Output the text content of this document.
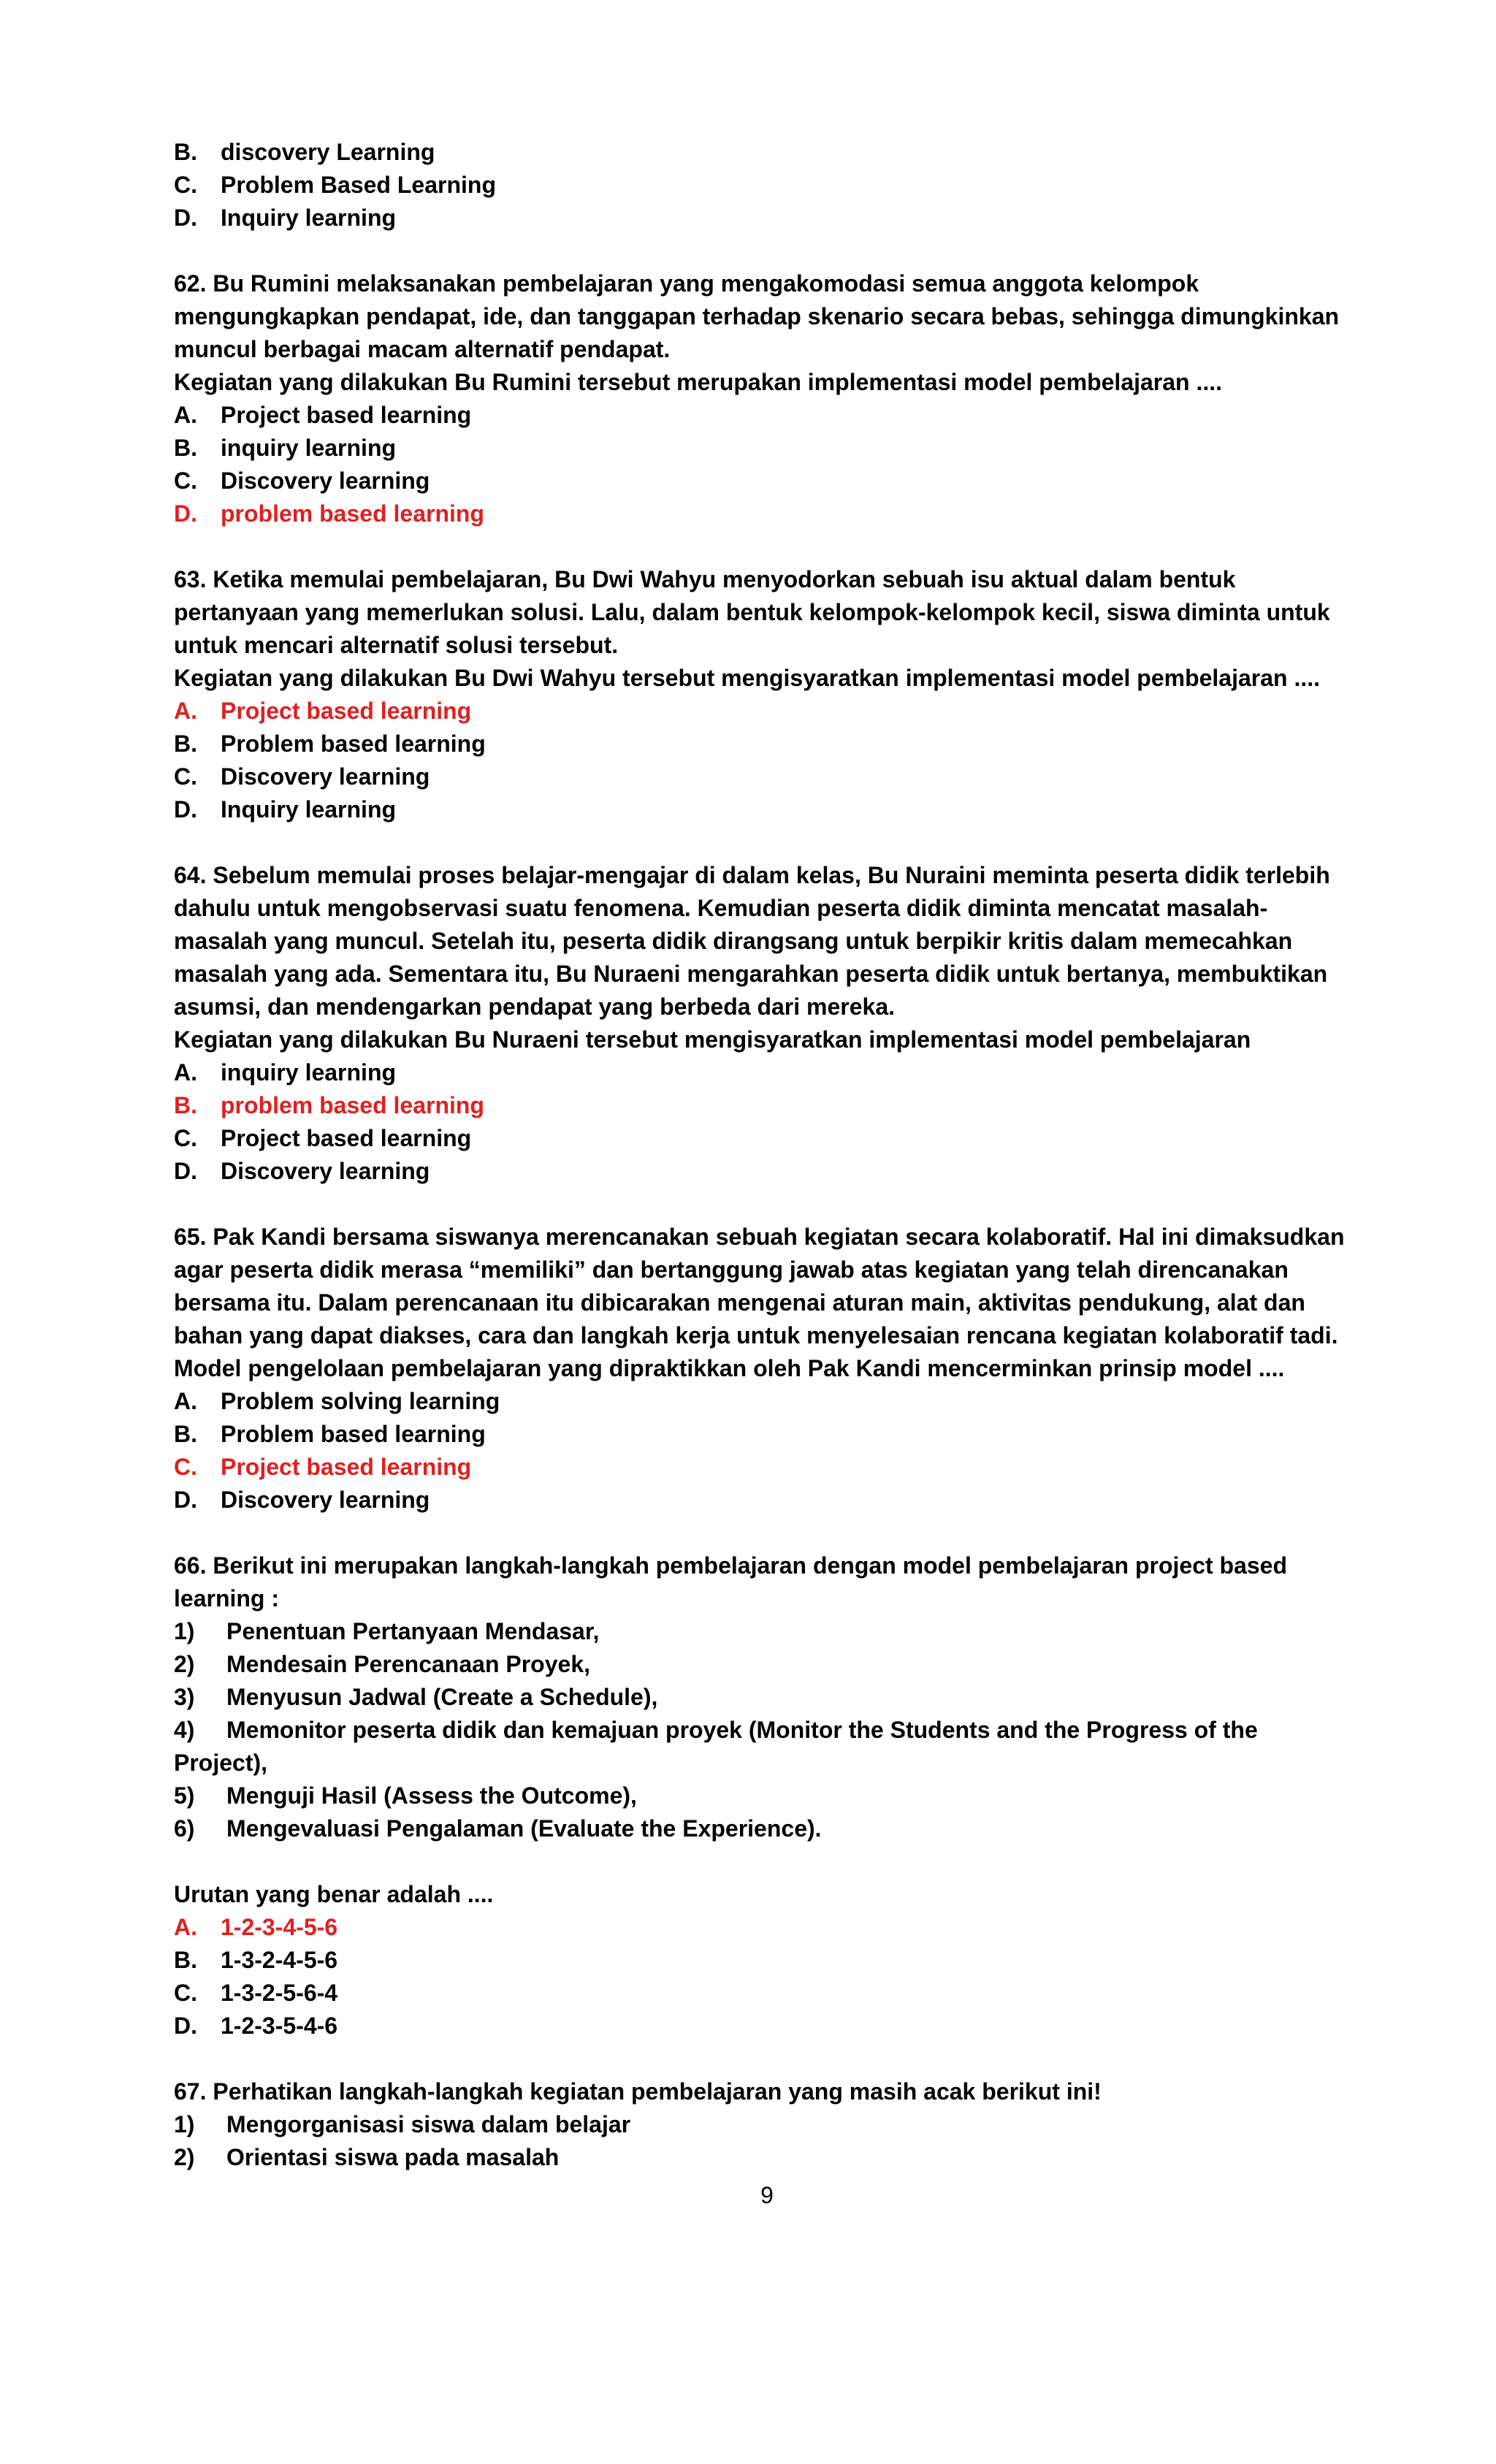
B.	discovery Learning
C.	Problem Based Learning
D.	Inquiry learning
62. Bu Rumini melaksanakan pembelajaran yang mengakomodasi semua anggota kelompok
mengungkapkan pendapat, ide, dan tanggapan terhadap skenario secara bebas, sehingga dimungkinkan
muncul berbagai macam alternatif pendapat.
Kegiatan yang dilakukan Bu Rumini tersebut merupakan implementasi model pembelajaran ....
A.	Project based learning
B.	inquiry learning
C.	Discovery learning
D.	problem based learning
63. Ketika memulai pembelajaran, Bu Dwi Wahyu menyodorkan sebuah isu aktual dalam bentuk
pertanyaan yang memerlukan solusi. Lalu, dalam bentuk kelompok-kelompok kecil, siswa diminta untuk
untuk mencari alternatif solusi tersebut.
Kegiatan yang dilakukan Bu Dwi Wahyu tersebut mengisyaratkan implementasi model pembelajaran ....
A.	Project based learning
B.	Problem based learning
C.	Discovery learning
D.	Inquiry learning
64. Sebelum memulai proses belajar-mengajar di dalam kelas, Bu Nuraini meminta peserta didik terlebih
dahulu untuk mengobservasi suatu fenomena. Kemudian peserta didik diminta mencatat masalah-
masalah yang muncul. Setelah itu, peserta didik dirangsang untuk berpikir kritis dalam memecahkan
masalah yang ada. Sementara itu, Bu Nuraeni mengarahkan peserta didik untuk bertanya, membuktikan
asumsi, dan mendengarkan pendapat yang berbeda dari mereka.
Kegiatan yang dilakukan Bu Nuraeni tersebut mengisyaratkan implementasi model pembelajaran
A.	inquiry learning
B.	problem based learning
C.	Project based learning
D.	Discovery learning
65. Pak Kandi bersama siswanya merencanakan sebuah kegiatan secara kolaboratif. Hal ini dimaksudkan
agar peserta didik merasa “memiliki” dan bertanggung jawab atas kegiatan yang telah direncanakan
bersama itu. Dalam perencanaan itu dibicarakan mengenai aturan main, aktivitas pendukung, alat dan
bahan yang dapat diakses, cara dan langkah kerja untuk menyelesaian rencana kegiatan kolaboratif tadi.
Model pengelolaan pembelajaran yang dipraktikkan oleh Pak Kandi mencerminkan prinsip model ....
A.	Problem solving learning
B.	Problem based learning
C.	Project based learning
D.	Discovery learning
66. Berikut ini merupakan langkah-langkah pembelajaran dengan model pembelajaran project based
learning :
1)	Penentuan Pertanyaan Mendasar,
2)	Mendesain Perencanaan Proyek,
3)	Menyusun Jadwal (Create a Schedule),
4)	Memonitor peserta didik dan kemajuan proyek (Monitor the Students and the Progress of the
Project),
5)	Menguji Hasil (Assess the Outcome),
6)	Mengevaluasi Pengalaman (Evaluate the Experience).
Urutan yang benar adalah ....
A.	1-2-3-4-5-6
B.	1-3-2-4-5-6
C.	1-3-2-5-6-4
D.	1-2-3-5-4-6
67. Perhatikan langkah-langkah kegiatan pembelajaran yang masih acak berikut ini!
1)	Mengorganisasi siswa dalam belajar
2)	Orientasi siswa pada masalah
9
